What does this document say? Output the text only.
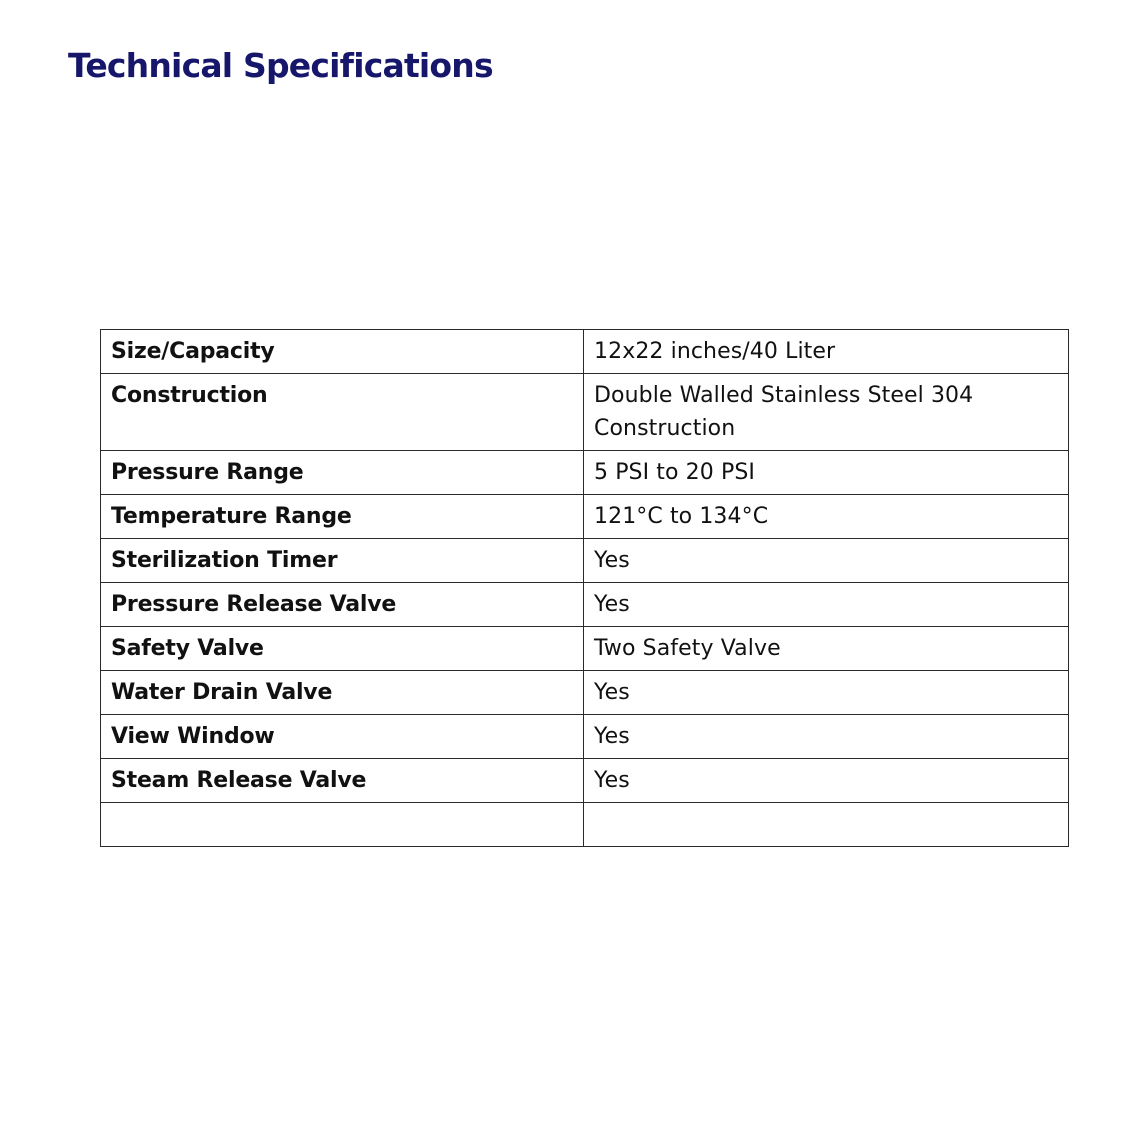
Technical Specifications
Size/Capacity	12x22 inches/40 Liter
Construction	Double Walled Stainless Steel 304 Construction
Pressure Range	5 PSI to 20 PSI
Temperature Range	121°C to 134°C
Sterilization Timer	Yes
Pressure Release Valve	Yes
Safety Valve	Two Safety Valve
Water Drain Valve	Yes
View Window	Yes
Steam Release Valve	Yes
